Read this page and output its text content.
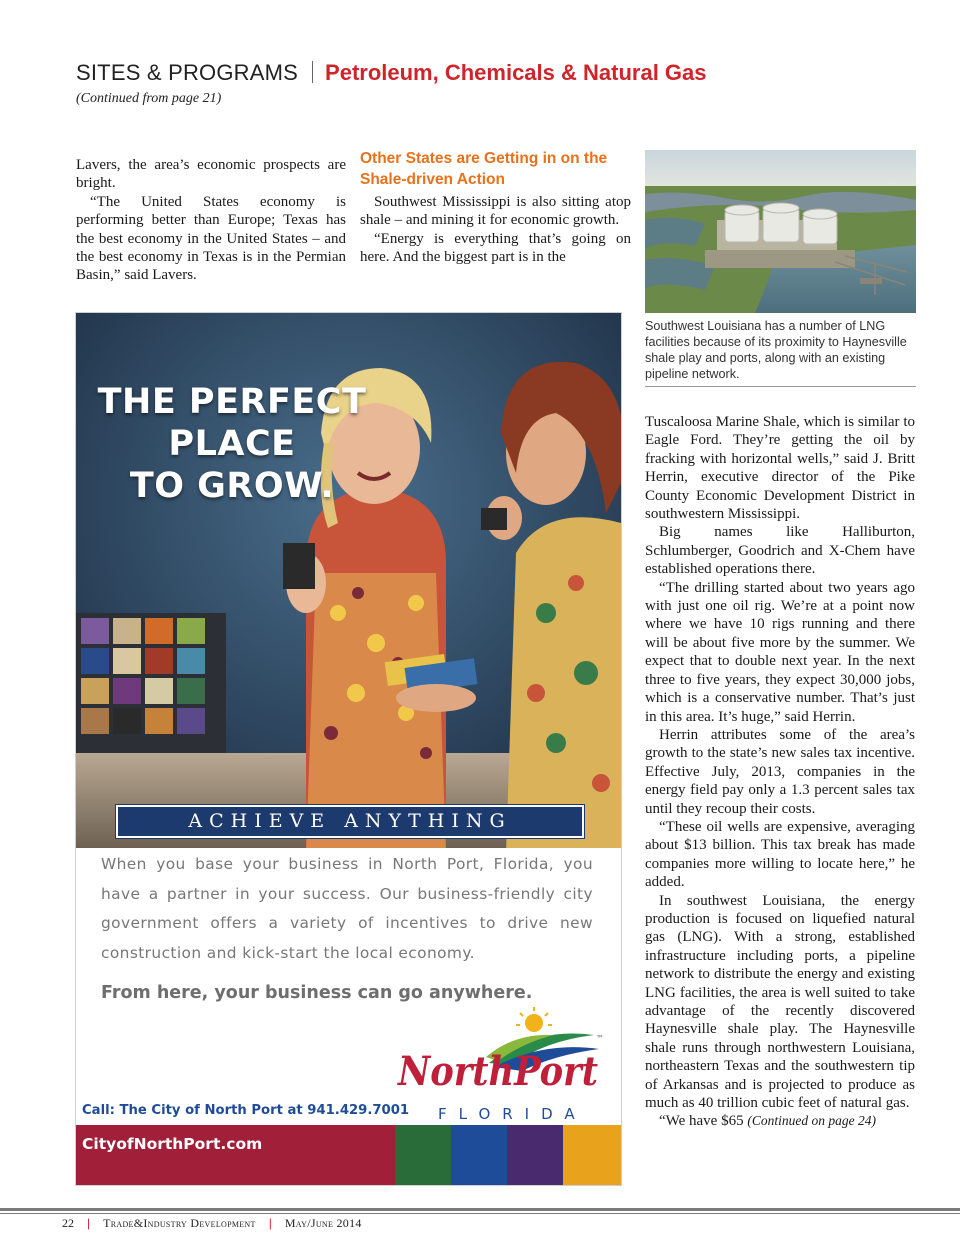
SITES & PROGRAMS Petroleum, Chemicals & Natural Gas
(Continued from page 21)

Lavers, the area’s economic prospects are bright.

“The United States economy is performing better than Europe; Texas has the best economy in the United States – and the best economy in Texas is in the Permian Basin,” said Lavers.

Other States are Getting in on the Shale-driven Action

Southwest Mississippi is also sitting atop shale – and mining it for economic growth.

“Energy is everything that’s going on here. And the biggest part is in the

Southwest Louisiana has a number of LNG facilities because of its proximity to Haynesville shale play and ports, along with an existing pipeline network.
THE PERFECT
PLACE
TO GROW.
ACHIEVE ANYTHING
When you base your business in North Port, Florida, you have a partner in your success. Our business-friendly city government offers a variety of incentives to drive new construction and kick-start the local economy.
From here, your business can go anywhere.
NorthPort
™
FLORIDA
Call: The City of North Port at 941.429.7001
CityofNorthPort.com

Tuscaloosa Marine Shale, which is similar to Eagle Ford. They’re getting the oil by fracking with horizontal wells,” said J. Britt Herrin, executive director of the Pike County Economic Development District in southwestern Mississippi.

Big names like Halliburton, Schlumberger, Goodrich and X-Chem have established operations there.

“The drilling started about two years ago with just one oil rig. We’re at a point now where we have 10 rigs running and there will be about five more by the summer. We expect that to double next year. In the next three to five years, they expect 30,000 jobs, which is a conservative number. That’s just in this area. It’s huge,” said Herrin.

Herrin attributes some of the area’s growth to the state’s new sales tax incentive. Effective July, 2013, companies in the energy field pay only a 1.3 percent sales tax until they recoup their costs.

“These oil wells are expensive, averaging about $13 billion. This tax break has made companies more willing to locate here,” he added.

In southwest Louisiana, the energy production is focused on liquefied natural gas (LNG). With a strong, established infrastructure including ports, a pipeline network to distribute the energy and existing LNG facilities, the area is well suited to take advantage of the recently discovered Haynesville shale play. The Haynesville shale runs through northwestern Louisiana, northeastern Texas and the southwestern tip of Arkansas and is projected to produce as much as 40 trillion cubic feet of natural gas.

“We have $65 (Continued on page 24)

22 | Trade&Industry Development | May/June 2014
